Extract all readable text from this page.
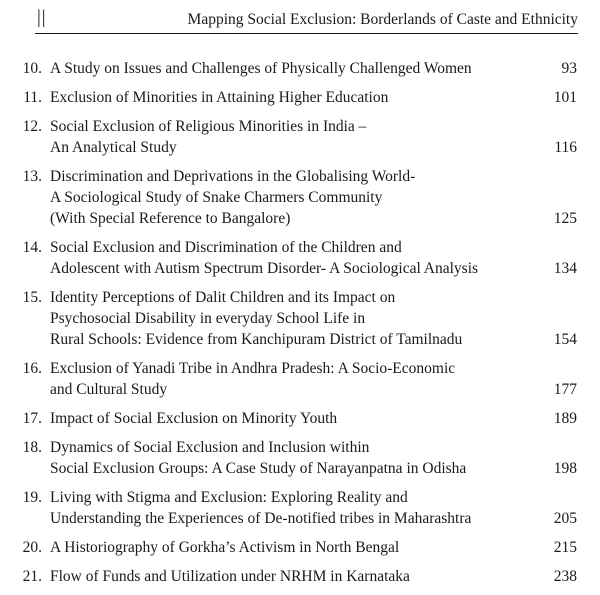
||	Mapping Social Exclusion: Borderlands of Caste and Ethnicity
10. A Study on Issues and Challenges of Physically Challenged Women	93
11. Exclusion of Minorities in Attaining Higher Education	101
12. Social Exclusion of Religious Minorities in India –
An Analytical Study	116
13. Discrimination and Deprivations in the Globalising World-
A Sociological Study of Snake Charmers Community
(With Special Reference to Bangalore)	125
14. Social Exclusion and Discrimination of the Children and
Adolescent with Autism Spectrum Disorder- A Sociological Analysis	134
15. Identity Perceptions of Dalit Children and its Impact on
Psychosocial Disability in everyday School Life in
Rural Schools: Evidence from Kanchipuram District of Tamilnadu	154
16. Exclusion of Yanadi Tribe in Andhra Pradesh: A Socio-Economic
and Cultural Study	177
17. Impact of Social Exclusion on Minority Youth	189
18. Dynamics of Social Exclusion and Inclusion within
Social Exclusion Groups: A Case Study of Narayanpatna in Odisha	198
19. Living with Stigma and Exclusion: Exploring Reality and
Understanding the Experiences of De-notified tribes in Maharashtra	205
20. A Historiography of Gorkha’s Activism in North Bengal	215
21. Flow of Funds and Utilization under NRHM in Karnataka	238
